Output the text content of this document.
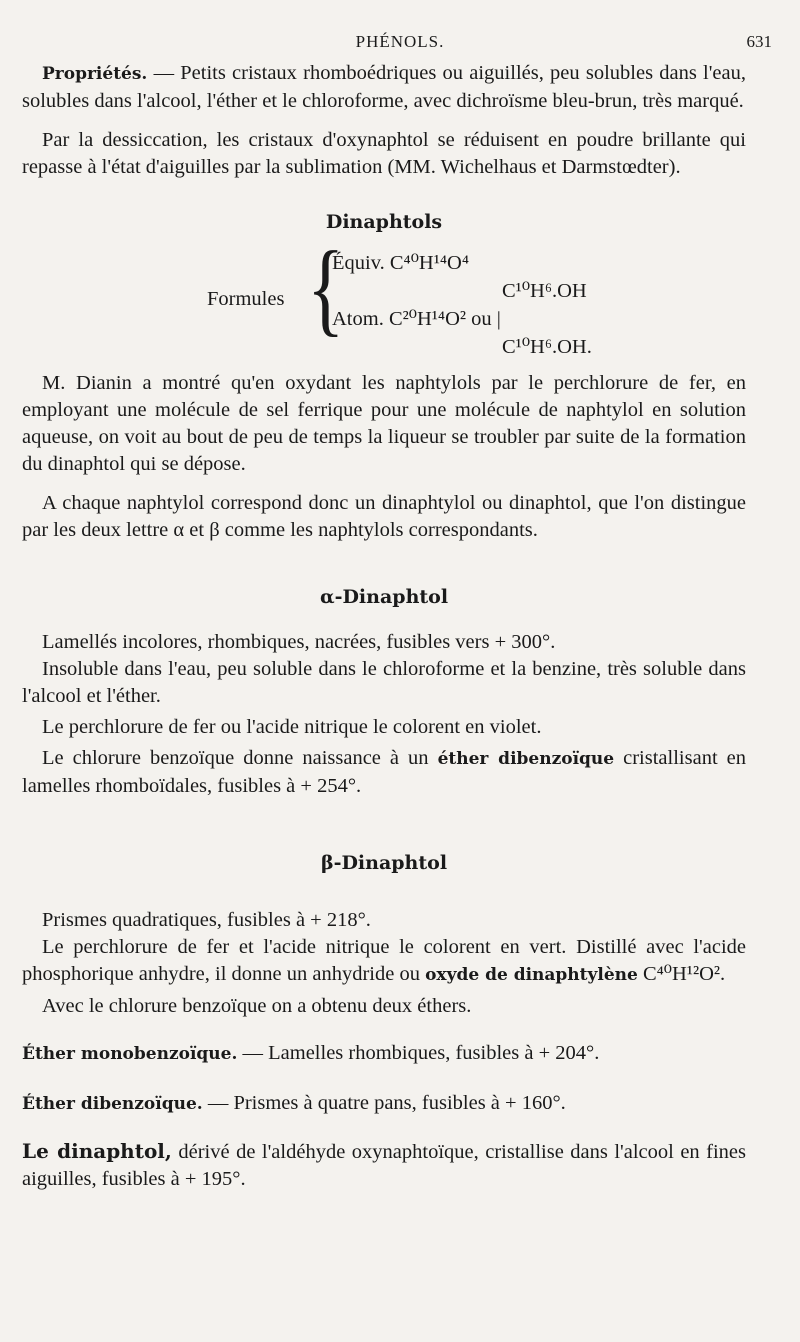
PHÉNOLS.	631

Propriétés. — Petits cristaux rhomboédriques ou aiguillés, peu solubles dans l'eau, solubles dans l'alcool, l'éther et le chloroforme, avec dichroïsme bleu-brun, très marqué.

Par la dessiccation, les cristaux d'oxynaphtol se réduisent en poudre brillante qui repasse à l'état d'aiguilles par la sublimation (MM. Wichelhaus et Darmstœdter).

Dinaphtols
Formules {
Équiv. C⁴⁰H¹⁴O⁴
C¹⁰H⁶.OH
Atom. C²⁰H¹⁴O² ou |
C¹⁰H⁶.OH.

M. Dianin a montré qu'en oxydant les naphtylols par le perchlorure de fer, en employant une molécule de sel ferrique pour une molécule de naphtylol en solution aqueuse, on voit au bout de peu de temps la liqueur se troubler par suite de la formation du dinaphtol qui se dépose.

A chaque naphtylol correspond donc un dinaphtylol ou dinaphtol, que l'on distingue par les deux lettre α et β comme les naphtylols correspondants.

α-Dinaphtol

Lamellés incolores, rhombiques, nacrées, fusibles vers + 300°.

Insoluble dans l'eau, peu soluble dans le chloroforme et la benzine, très soluble dans l'alcool et l'éther.

Le perchlorure de fer ou l'acide nitrique le colorent en violet.

Le chlorure benzoïque donne naissance à un éther dibenzoïque cristallisant en lamelles rhomboïdales, fusibles à + 254°.

β-Dinaphtol

Prismes quadratiques, fusibles à + 218°.

Le perchlorure de fer et l'acide nitrique le colorent en vert. Distillé avec l'acide phosphorique anhydre, il donne un anhydride ou oxyde de dinaphtylène C⁴⁰H¹²O².

Avec le chlorure benzoïque on a obtenu deux éthers.

Éther monobenzoïque. — Lamelles rhombiques, fusibles à + 204°.

Éther dibenzoïque. — Prismes à quatre pans, fusibles à + 160°.

Le dinaphtol, dérivé de l'aldéhyde oxynaphtoïque, cristallise dans l'alcool en fines aiguilles, fusibles à + 195°.
